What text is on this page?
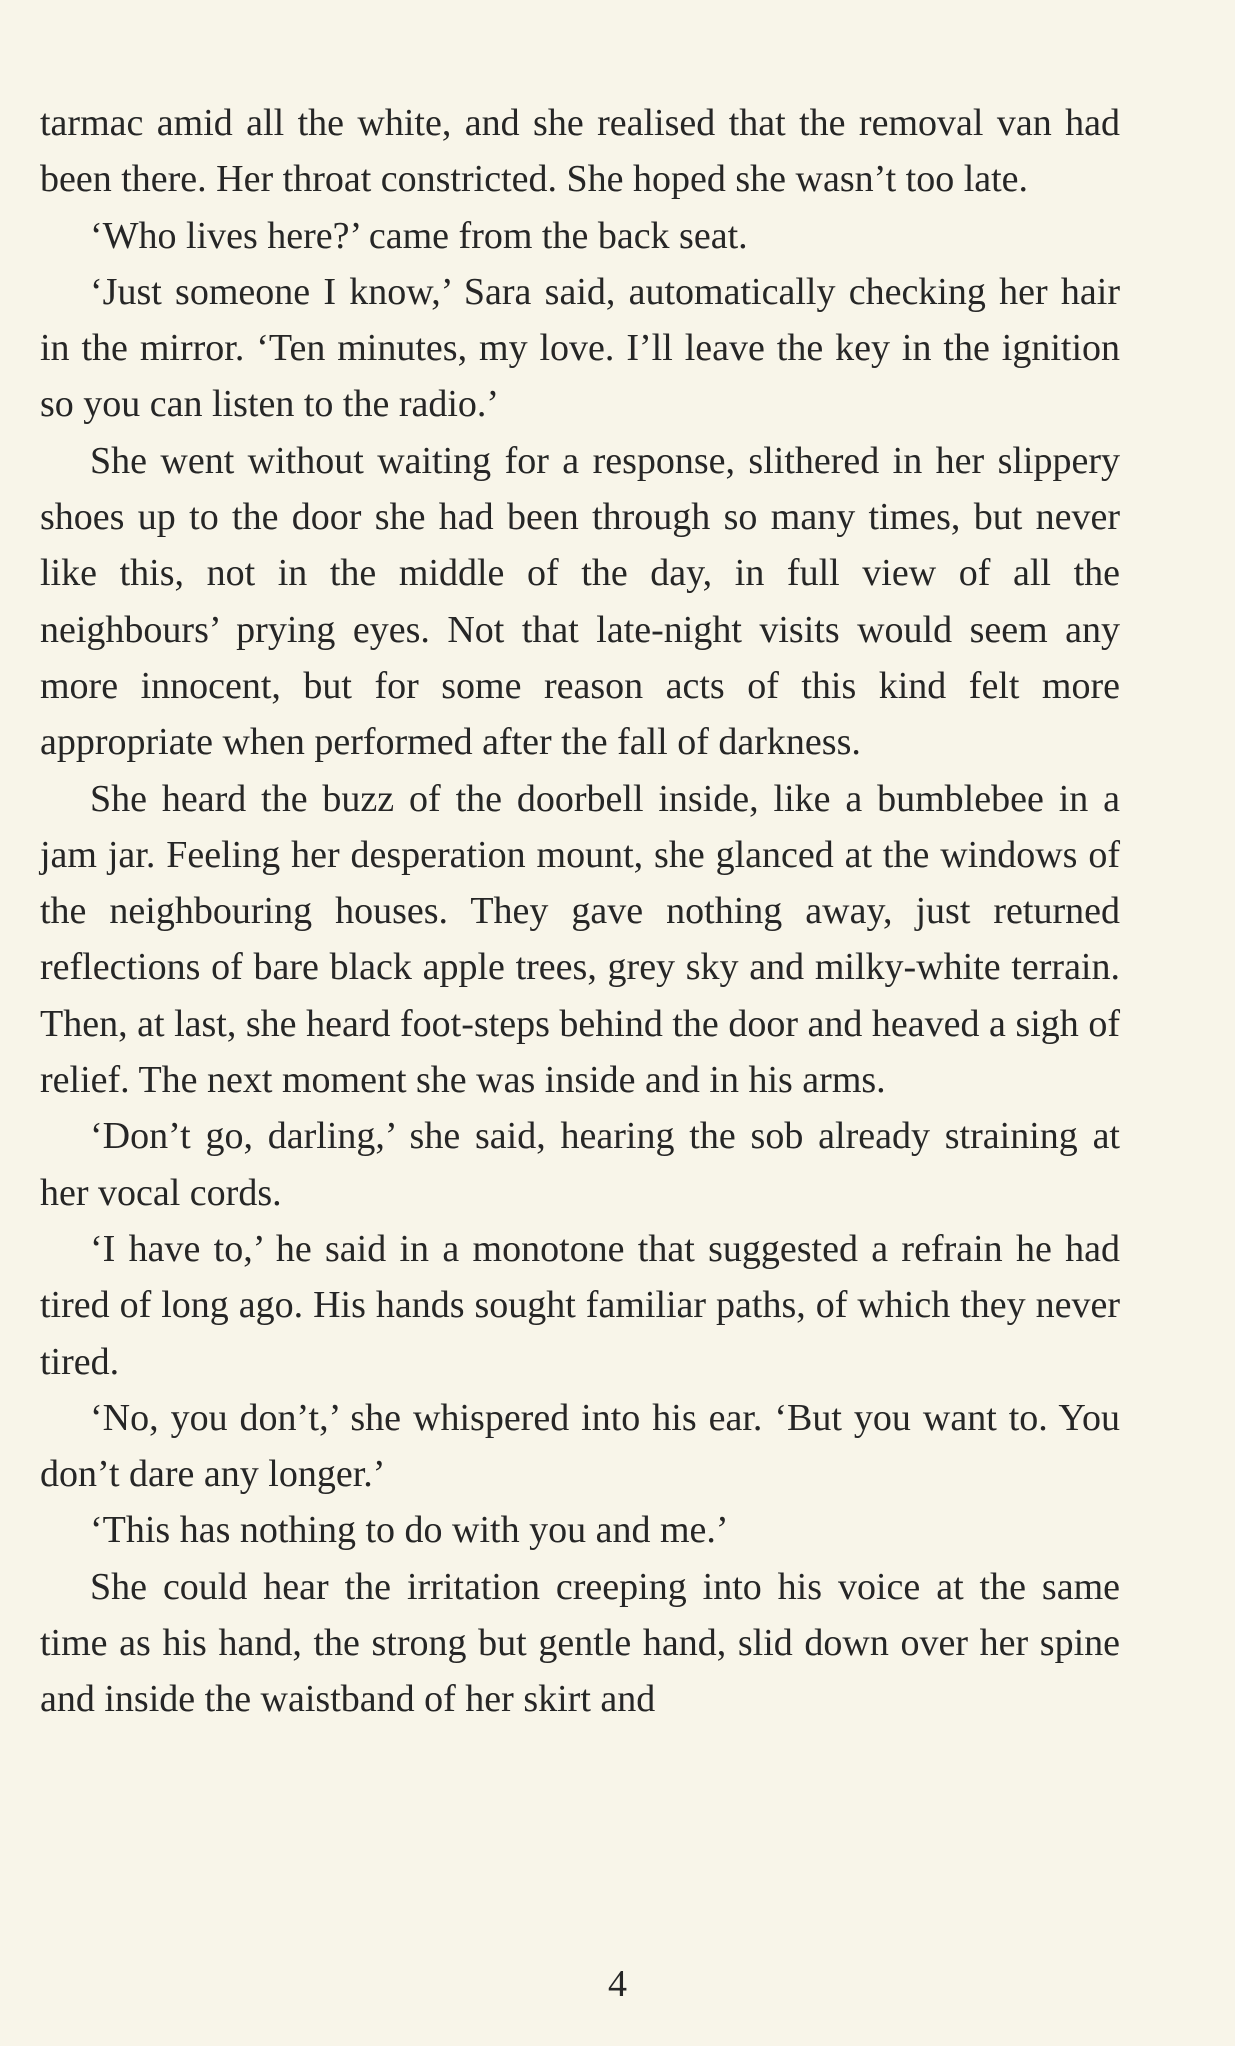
tarmac amid all the white, and she realised that the removal van had been there. Her throat constricted. She hoped she wasn’t too late.

‘Who lives here?’ came from the back seat.

‘Just someone I know,’ Sara said, automatically checking her hair in the mirror. ‘Ten minutes, my love. I’ll leave the key in the ignition so you can listen to the radio.’

She went without waiting for a response, slithered in her slippery shoes up to the door she had been through so many times, but never like this, not in the middle of the day, in full view of all the neighbours’ prying eyes. Not that late-night visits would seem any more innocent, but for some reason acts of this kind felt more appropriate when performed after the fall of darkness.

She heard the buzz of the doorbell inside, like a bumblebee in a jam jar. Feeling her desperation mount, she glanced at the windows of the neighbouring houses. They gave nothing away, just returned reflections of bare black apple trees, grey sky and milky-white terrain. Then, at last, she heard foot-steps behind the door and heaved a sigh of relief. The next moment she was inside and in his arms.

‘Don’t go, darling,’ she said, hearing the sob already straining at her vocal cords.

‘I have to,’ he said in a monotone that suggested a refrain he had tired of long ago. His hands sought familiar paths, of which they never tired.

‘No, you don’t,’ she whispered into his ear. ‘But you want to. You don’t dare any longer.’

‘This has nothing to do with you and me.’

She could hear the irritation creeping into his voice at the same time as his hand, the strong but gentle hand, slid down over her spine and inside the waistband of her skirt and

4
